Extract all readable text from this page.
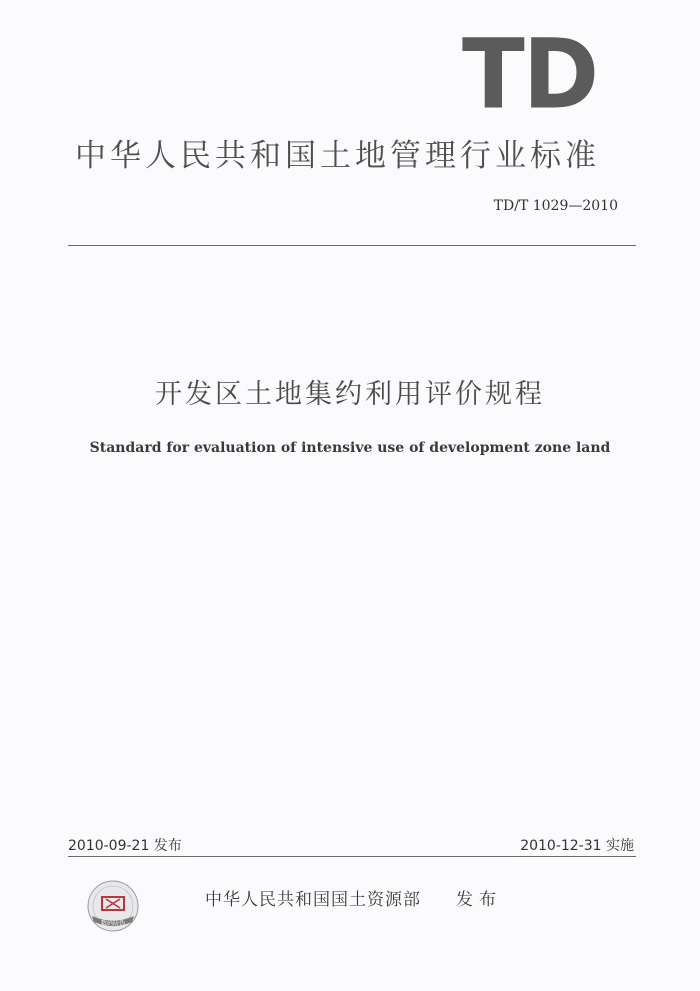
TD
中华人民共和国土地管理行业标准
TD/T 1029—2010
开发区土地集约利用评价规程
Standard for evaluation of intensive use of development zone land
2010-09-21 发布	2010-12-31 实施
数码防伪
中华人民共和国国土资源部 发布
